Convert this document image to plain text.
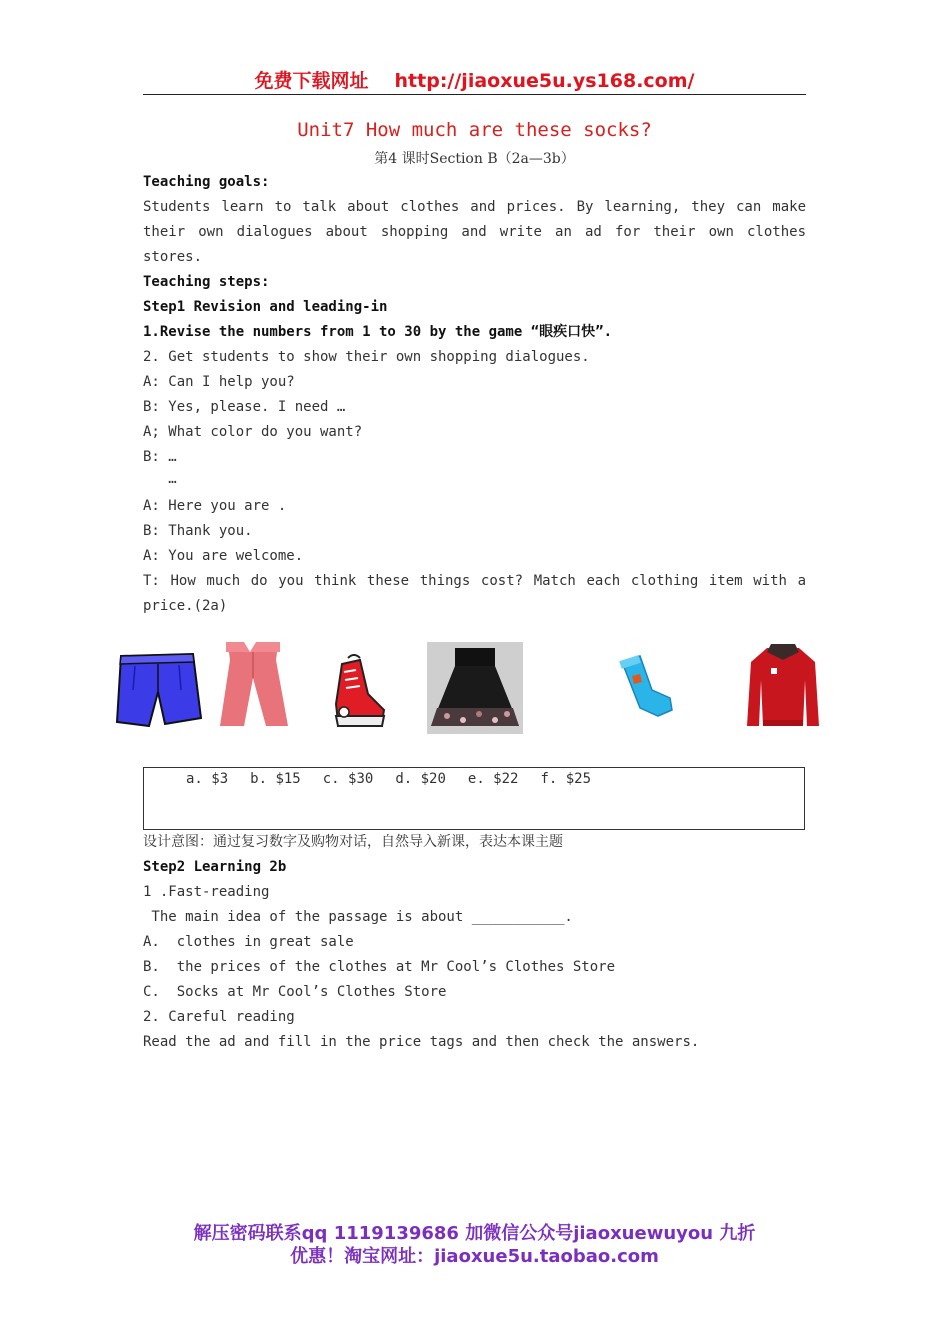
免费下载网址 http://jiaoxue5u.ys168.com/
Unit7 How much are these socks?
第4 课时Section B（2a—3b）
Teaching goals:
Students learn to talk about clothes and prices. By learning, they can make
their own dialogues about shopping and write an ad for their own clothes
stores.
Teaching steps:
Step1 Revision and leading-in
1.Revise the numbers from 1 to 30 by the game “眼疾口快”.
2. Get students to show their own shopping dialogues.
A: Can I help you?
B: Yes, please. I need …
A; What color do you want?
B: …
…
A: Here you are .
B: Thank you.
A: You are welcome.
T: How much do you think these things cost? Match each clothing item with a
price.(2a)
a. $3 b. $15 c. $30 d. $20 e. $22 f. $25
设计意图：通过复习数字及购物对话，自然导入新课，表达本课主题
Step2 Learning 2b
1 .Fast-reading
The main idea of the passage is about ___________.
A.  clothes in great sale
B.  the prices of the clothes at Mr Cool’s Clothes Store
C.  Socks at Mr Cool’s Clothes Store
2. Careful reading
Read the ad and fill in the price tags and then check the answers.
解压密码联系qq 1119139686 加微信公众号jiaoxuewuyou 九折
优惠！淘宝网址：jiaoxue5u.taobao.com
